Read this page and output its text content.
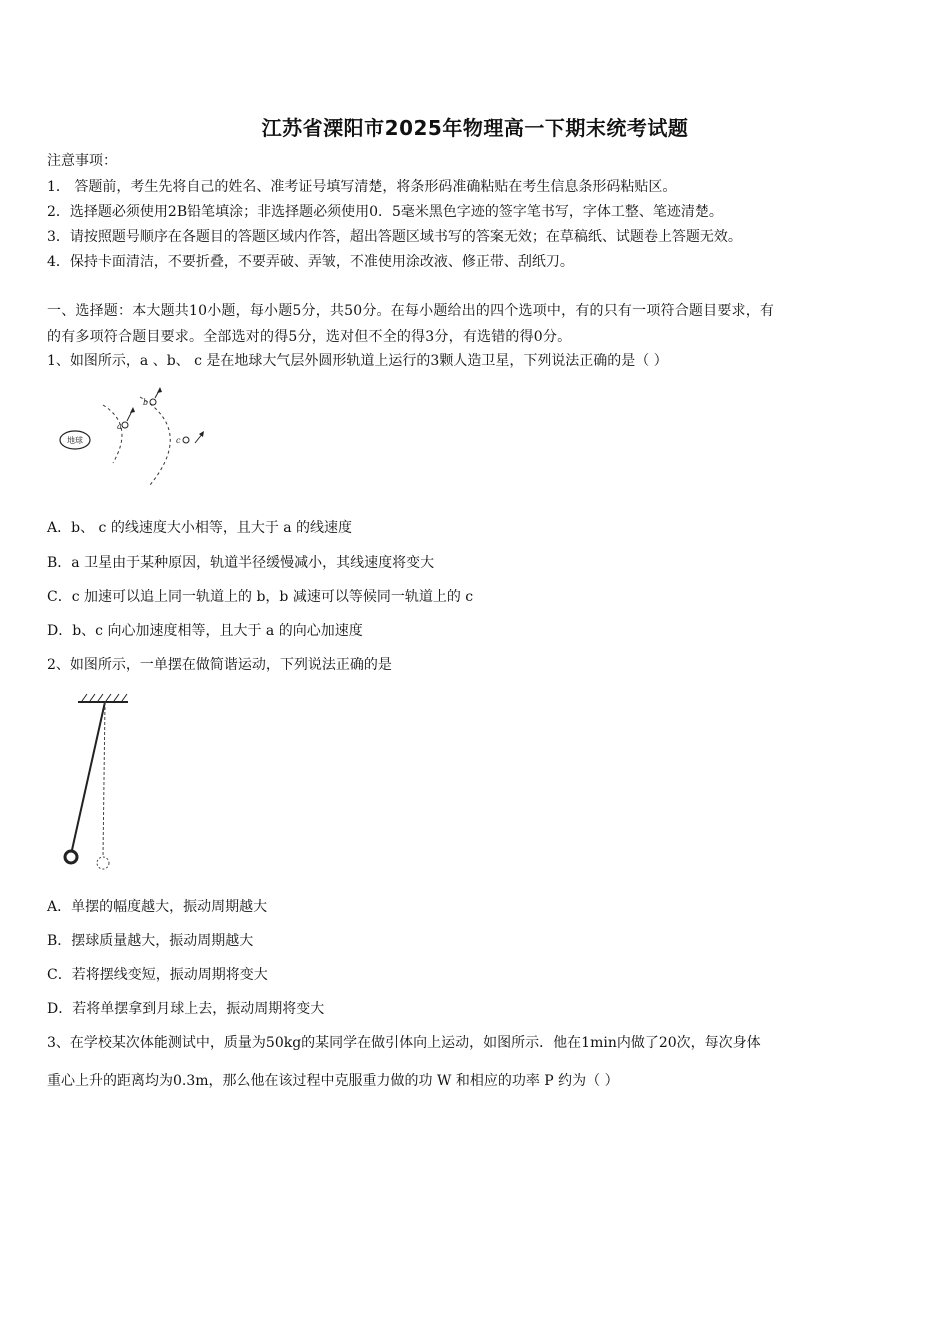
江苏省溧阳市2025年物理高一下期末统考试题
注意事项：
1． 答题前，考生先将自己的姓名、准考证号填写清楚，将条形码准确粘贴在考生信息条形码粘贴区。
2．选择题必须使用2B铅笔填涂；非选择题必须使用0．5毫米黑色字迹的签字笔书写，字体工整、笔迹清楚。
3．请按照题号顺序在各题目的答题区域内作答，超出答题区域书写的答案无效；在草稿纸、试题卷上答题无效。
4．保持卡面清洁，不要折叠，不要弄破、弄皱，不准使用涂改液、修正带、刮纸刀。
一、选择题：本大题共10小题，每小题5分，共50分。在每小题给出的四个选项中，有的只有一项符合题目要求，有
的有多项符合题目要求。全部选对的得5分，选对但不全的得3分，有选错的得0分。
1、如图所示，a 、b、 c 是在地球大气层外圆形轨道上运行的3颗人造卫星，下列说法正确的是（ ）
地球
a
b
c
A．b、 c 的线速度大小相等，且大于 a 的线速度
B．a 卫星由于某种原因，轨道半径缓慢减小，其线速度将变大
C．c 加速可以追上同一轨道上的 b，b 减速可以等候同一轨道上的 c
D．b、c 向心加速度相等，且大于 a 的向心加速度
2、如图所示，一单摆在做简谐运动，下列说法正确的是
A．单摆的幅度越大，振动周期越大
B．摆球质量越大，振动周期越大
C．若将摆线变短，振动周期将变大
D．若将单摆拿到月球上去，振动周期将变大
3、在学校某次体能测试中，质量为50kg的某同学在做引体向上运动，如图所示．他在1min内做了20次，每次身体
重心上升的距离均为0.3m，那么他在该过程中克服重力做的功 W 和相应的功率 P 约为（ ）
